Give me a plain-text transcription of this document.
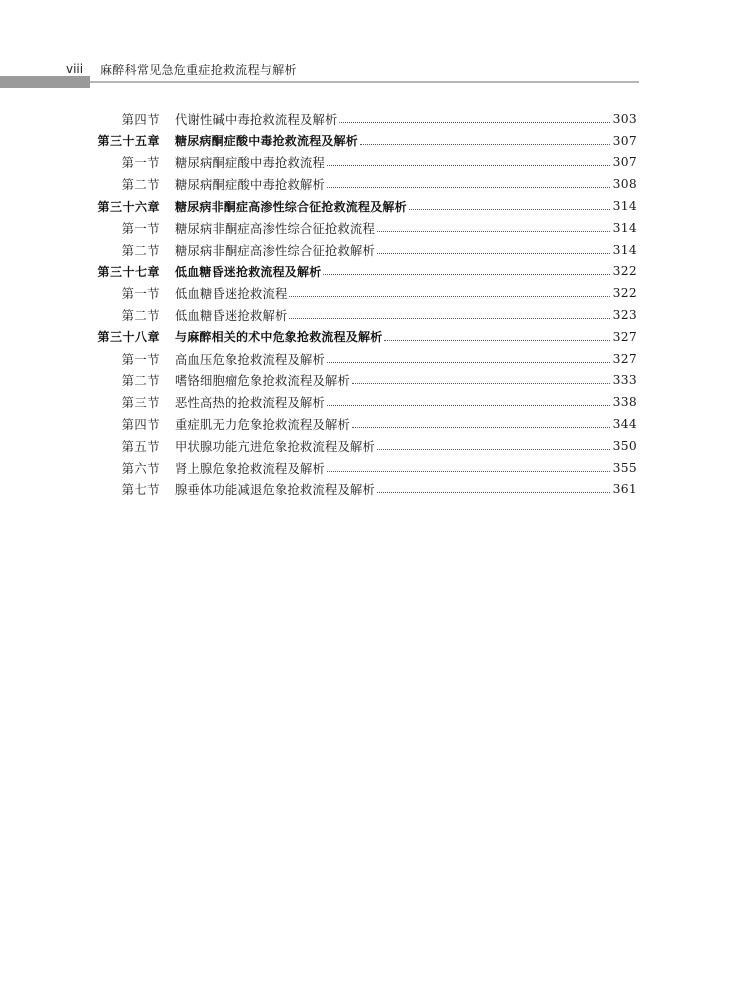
viii 麻醉科常见急危重症抢救流程与解析
第四节 代谢性碱中毒抢救流程及解析	303
第三十五章 糖尿病酮症酸中毒抢救流程及解析	307
第一节 糖尿病酮症酸中毒抢救流程	307
第二节 糖尿病酮症酸中毒抢救解析	308
第三十六章 糖尿病非酮症高渗性综合征抢救流程及解析	314
第一节 糖尿病非酮症高渗性综合征抢救流程	314
第二节 糖尿病非酮症高渗性综合征抢救解析	314
第三十七章 低血糖昏迷抢救流程及解析	322
第一节 低血糖昏迷抢救流程	322
第二节 低血糖昏迷抢救解析	323
第三十八章 与麻醉相关的术中危象抢救流程及解析	327
第一节 高血压危象抢救流程及解析	327
第二节 嗜铬细胞瘤危象抢救流程及解析	333
第三节 恶性高热的抢救流程及解析	338
第四节 重症肌无力危象抢救流程及解析	344
第五节 甲状腺功能亢进危象抢救流程及解析	350
第六节 肾上腺危象抢救流程及解析	355
第七节 腺垂体功能减退危象抢救流程及解析	361
